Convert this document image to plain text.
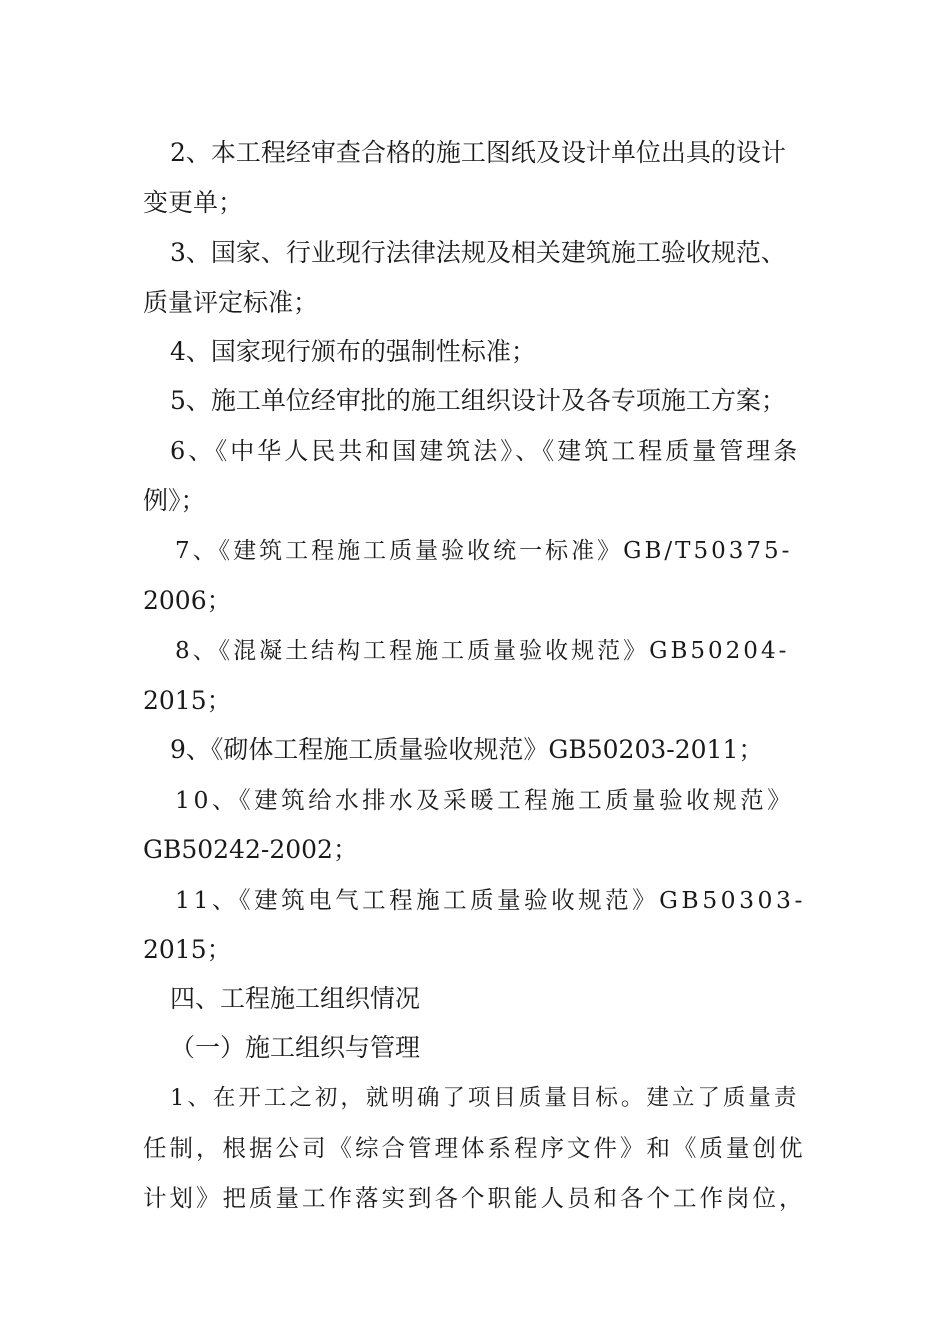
2、本工程经审查合格的施工图纸及设计单位出具的设计
变更单；
3、国家、行业现行法律法规及相关建筑施工验收规范、
质量评定标准；
4、国家现行颁布的强制性标准；
5、施工单位经审批的施工组织设计及各专项施工方案；
6、《中华人民共和国建筑法》、《建筑工程质量管理条
例》；
7、《建筑工程施工质量验收统一标准》GB/T50375-
2006；
8、《混凝土结构工程施工质量验收规范》GB50204-
2015；
9、《砌体工程施工质量验收规范》GB50203-2011；
10、《建筑给水排水及采暖工程施工质量验收规范》
GB50242-2002；
11、《建筑电气工程施工质量验收规范》GB50303-
2015；
四、工程施工组织情况
（一）施工组织与管理
1、在开工之初，就明确了项目质量目标。建立了质量责
任制，根据公司《综合管理体系程序文件》和《质量创优
计划》把质量工作落实到各个职能人员和各个工作岗位，
